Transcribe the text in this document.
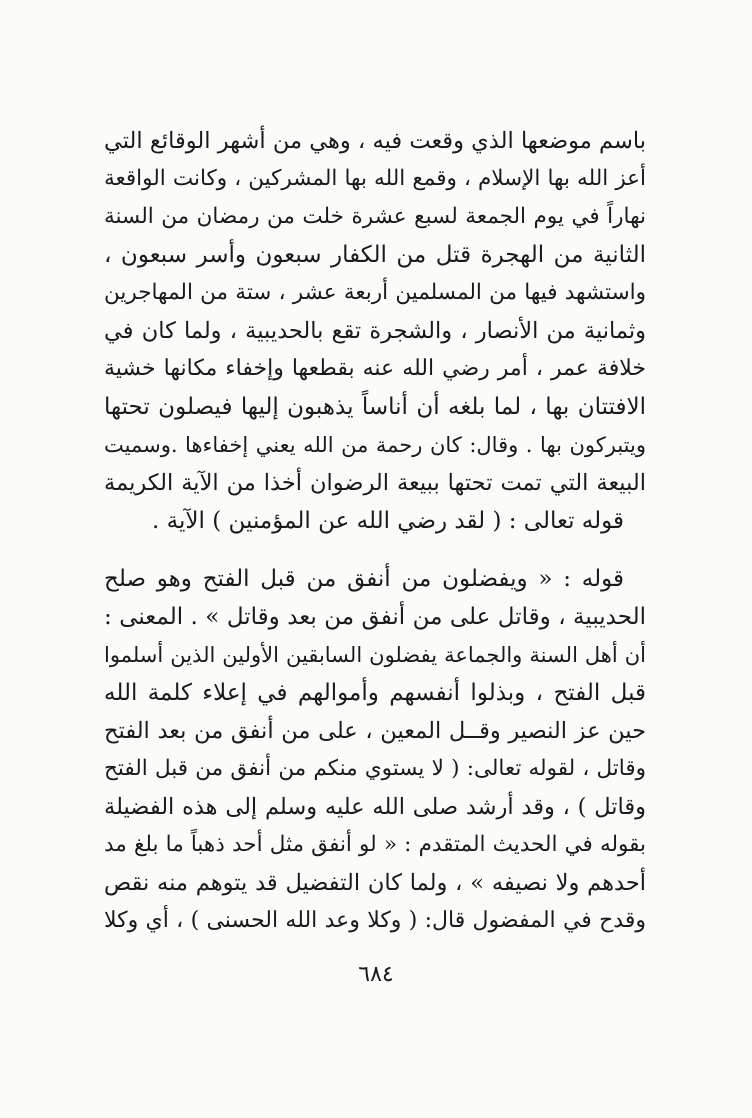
باسم موضعها الذي وقعت فيه ، وهي من أشهر الوقائع التي
أعز الله بها الإسلام ، وقمع الله بها المشركين ، وكانت الواقعة
نهاراً في يوم الجمعة لسبع عشرة خلت من رمضان من السنة
الثانية من الهجرة قتل من الكفار سبعون وأسر سبعون ،
واستشهد فيها من المسلمين أربعة عشر ، ستة من المهاجرين
وثمانية من الأنصار ، والشجرة تقع بالحديبية ، ولما كان في
خلافة عمر ، أمر رضي الله عنه بقطعها وإخفاء مكانها خشية
الافتتان بها ، لما بلغه أن أناساً يذهبون إليها فيصلون تحتها
ويتبركون بها . وقال: كان رحمة من الله يعني إخفاءها .وسميت
البيعة التي تمت تحتها ببيعة الرضوان أخذا من الآية الكريمة
قوله تعالى : ( لقد رضي الله عن المؤمنين ) الآية .
قوله : « ويفضلون من أنفق من قبل الفتح وهو صلح
الحديبية ، وقاتل على من أنفق من بعد وقاتل » . المعنى :
أن أهل السنة والجماعة يفضلون السابقين الأولين الذين أسلموا
قبل الفتح ، وبذلوا أنفسهم وأموالهم في إعلاء كلمة الله
حين عز النصير وقــل المعين ، على من أنفق من بعد الفتح
وقاتل ، لقوله تعالى: ( لا يستوي منكم من أنفق من قبل الفتح
وقاتل ) ، وقد أرشد صلى الله عليه وسلم إلى هذه الفضيلة
بقوله في الحديث المتقدم : « لو أنفق مثل أحد ذهباً ما بلغ مد
أحدهم ولا نصيفه » ، ولما كان التفضيل قد يتوهم منه نقص
وقدح في المفضول قال: ( وكلا وعد الله الحسنى ) ، أي وكلا
٦٨٤
